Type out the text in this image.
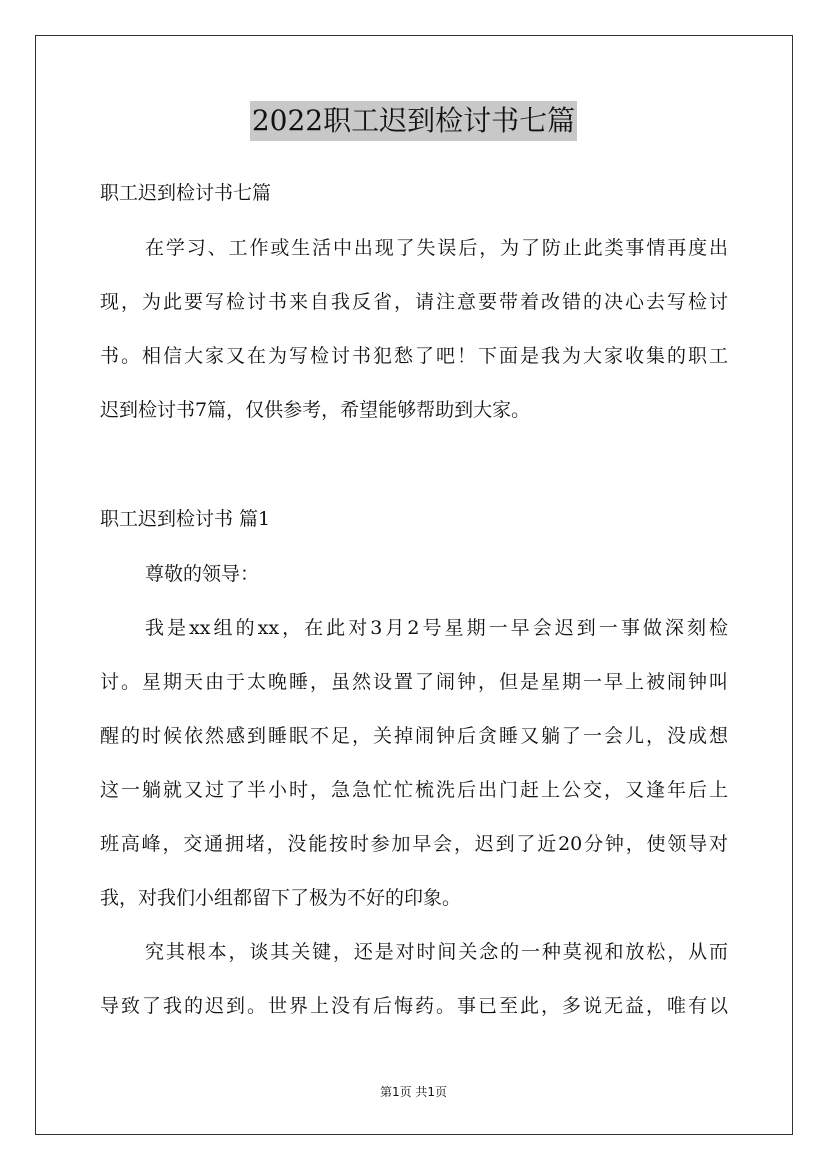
2022职工迟到检讨书七篇
职工迟到检讨书七篇
在学习、工作或生活中出现了失误后，为了防止此类事情再度出
现，为此要写检讨书来自我反省，请注意要带着改错的决心去写检讨
书。相信大家又在为写检讨书犯愁了吧！下面是我为大家收集的职工
迟到检讨书7篇，仅供参考，希望能够帮助到大家。
职工迟到检讨书 篇1
尊敬的领导：
我是xx组的xx，在此对3月2号星期一早会迟到一事做深刻检
讨。星期天由于太晚睡，虽然设置了闹钟，但是星期一早上被闹钟叫
醒的时候依然感到睡眠不足，关掉闹钟后贪睡又躺了一会儿，没成想
这一躺就又过了半小时，急急忙忙梳洗后出门赶上公交，又逢年后上
班高峰，交通拥堵，没能按时参加早会，迟到了近20分钟，使领导对
我，对我们小组都留下了极为不好的印象。
究其根本，谈其关键，还是对时间关念的一种莫视和放松，从而
导致了我的迟到。世界上没有后悔药。事已至此，多说无益，唯有以
第1页 共1页
